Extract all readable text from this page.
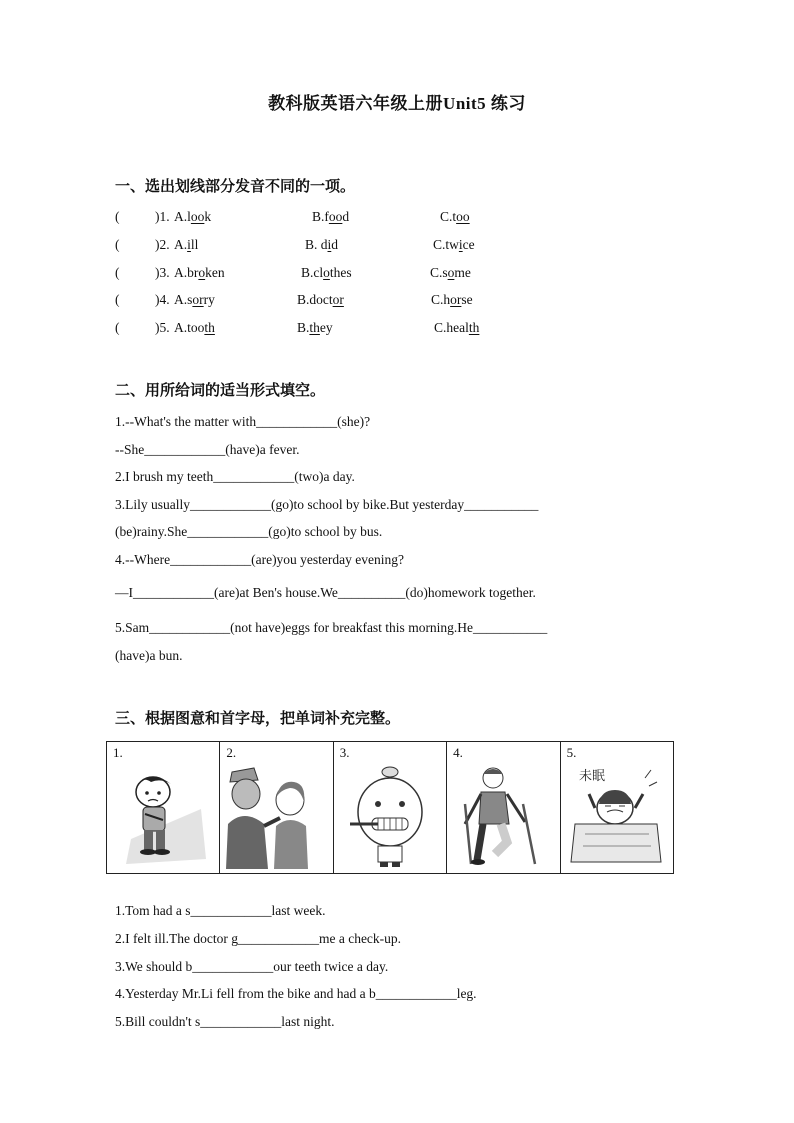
教科版英语六年级上册Unit5 练习
一、选出划线部分发音不同的一项。
(	)1. A.look	B.food	C.too
(	)2. A.ill	B. did	C.twice
(	)3. A.broken	B.clothes	C.some
(	)4. A.sorry	B.doctor	C.horse
(	)5. A.tooth	B.they	C.health
二、用所给词的适当形式填空。
1.--What's the matter with____________(she)?
--She____________(have)a fever.
2.I brush my teeth____________(two)a day.
3.Lily usually____________(go)to school by bike.But yesterday___________
(be)rainy.She____________(go)to school by bus.
4.--Where____________(are)you yesterday evening?
—I____________(are)at Ben's house.We__________(do)homework together.
5.Sam____________(not have)eggs for breakfast this morning.He___________
(have)a bun.
三、根据图意和首字母，把单词补充完整。
1.	2.	3.	4.	5.
未眠
1.Tom had a s____________last week.
2.I felt ill.The doctor g____________me a check-up.
3.We should b____________our teeth twice a day.
4.Yesterday Mr.Li fell from the bike and had a b____________leg.
5.Bill couldn't s____________last night.
